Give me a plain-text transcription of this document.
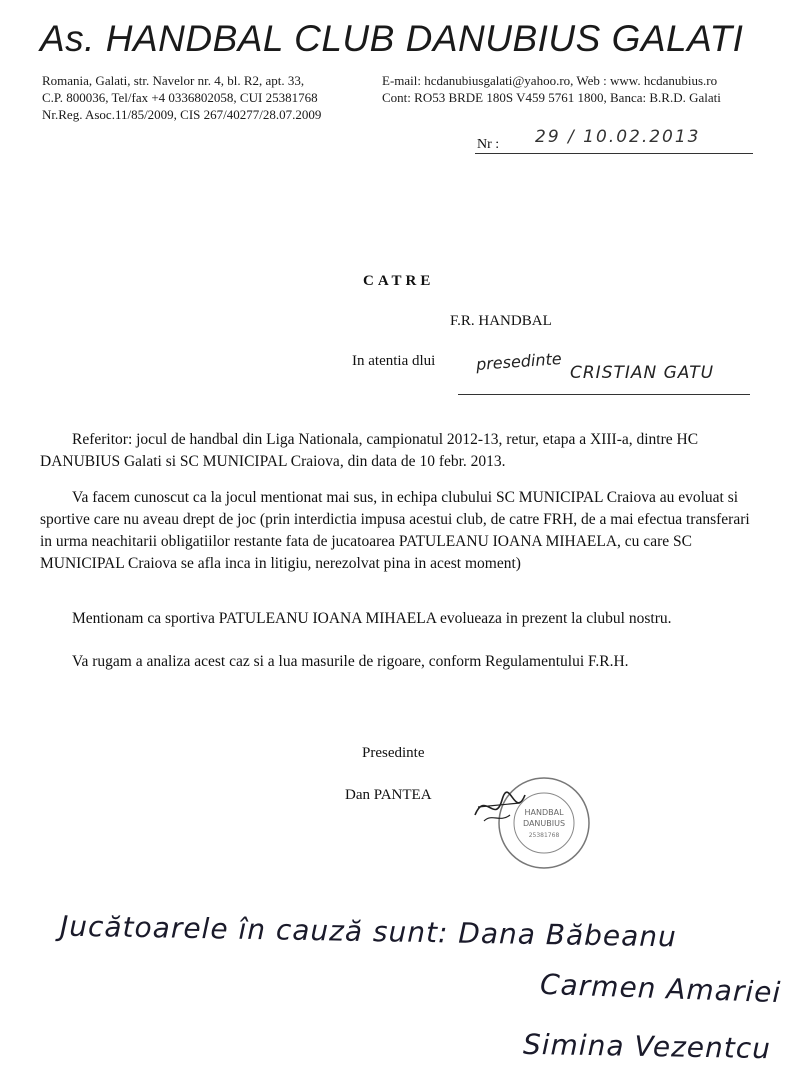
As. HANDBAL CLUB DANUBIUS GALATI
Romania, Galati, str. Navelor nr. 4, bl. R2, apt. 33,
C.P. 800036, Tel/fax +4 0336802058, CUI 25381768
Nr.Reg. Asoc.11/85/2009, CIS 267/40277/28.07.2009
E-mail: hcdanubiusgalati@yahoo.ro, Web : www. hcdanubius.ro
Cont: RO53 BRDE 180S V459 5761 1800, Banca: B.R.D. Galati
Nr : 29 / 10.02.2013
CATRE
F.R. HANDBAL
In atentia dlui	presedinte CRISTIAN GATU
Referitor: jocul de handbal din Liga Nationala, campionatul 2012-13, retur, etapa a XIII-a, dintre HC DANUBIUS Galati si SC MUNICIPAL Craiova, din data de 10 febr. 2013.
Va facem cunoscut ca la jocul mentionat mai sus, in echipa clubului SC MUNICIPAL Craiova au evoluat si sportive care nu aveau drept de joc (prin interdictia impusa acestui club, de catre FRH, de a mai efectua transferari in urma neachitarii obligatiilor restante fata de jucatoarea PATULEANU IOANA MIHAELA, cu care SC MUNICIPAL Craiova se afla inca in litigiu, nerezolvat pina in acest moment)
Mentionam ca sportiva PATULEANU IOANA MIHAELA evolueaza in prezent la clubul nostru.
Va rugam a analiza acest caz si a lua masurile de rigoare, conform Regulamentului F.R.H.
Presedinte
Dan PANTEA
HANDBAL
DANUBIUS
25381768
Jucătoarele în cauză sunt: Dana Băbeanu
Carmen Amariei
Simina Vezentcu
